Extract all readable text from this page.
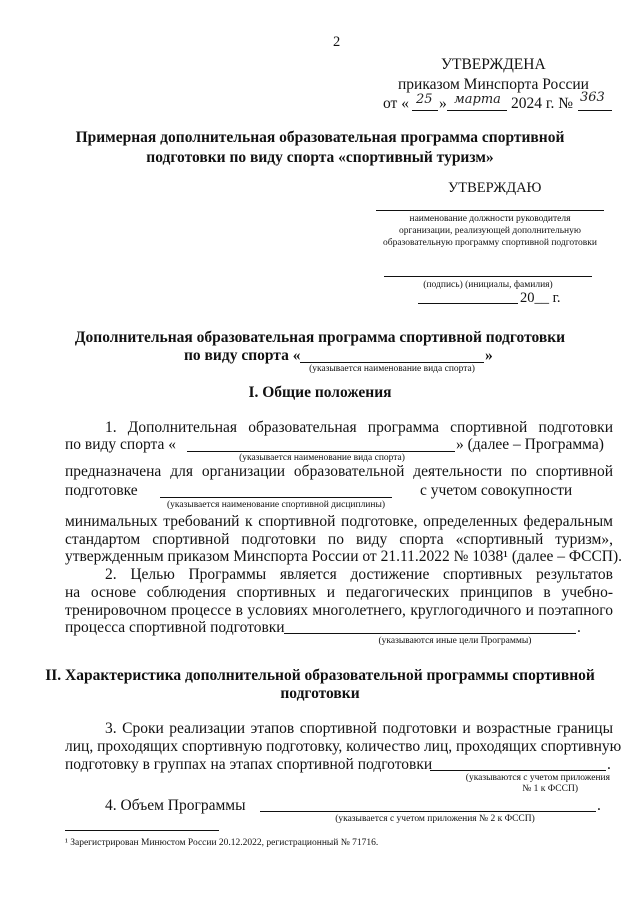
2
УТВЕРЖДЕНА
приказом Минспорта России
от « 25 » марта 2024 г. № 363
Примерная дополнительная образовательная программа спортивной
подготовки по виду спорта «спортивный туризм»
УТВЕРЖДАЮ
наименование должности руководителя
организации, реализующей дополнительную
образовательную программу спортивной подготовки
(подпись) (инициалы, фамилия)
20__ г.
Дополнительная образовательная программа спортивной подготовки
по виду спорта «	»
(указывается наименование вида спорта)
I. Общие положения
1. Дополнительная образовательная программа спортивной подготовки
по виду спорта «	» (далее – Программа)
(указывается наименование вида спорта)
предназначена для организации образовательной деятельности по спортивной
подготовке	с учетом совокупности
(указывается наименование спортивной дисциплины)
минимальных требований к спортивной подготовке, определенных федеральным
стандартом спортивной подготовки по виду спорта «спортивный туризм»,
утвержденным приказом Минспорта России от 21.11.2022 № 1038¹ (далее – ФССП).
2. Целью Программы является достижение спортивных результатов
на основе соблюдения спортивных и педагогических принципов в учебно-
тренировочном процессе в условиях многолетнего, круглогодичного и поэтапного
процесса спортивной подготовки	.
(указываются иные цели Программы)
II. Характеристика дополнительной образовательной программы спортивной
подготовки
3. Сроки реализации этапов спортивной подготовки и возрастные границы
лиц, проходящих спортивную подготовку, количество лиц, проходящих спортивную
подготовку в группах на этапах спортивной подготовки	.
(указываются с учетом приложения
№ 1 к ФССП)
4. Объем Программы	.
(указывается с учетом приложения № 2 к ФССП)
¹ Зарегистрирован Минюстом России 20.12.2022, регистрационный № 71716.
